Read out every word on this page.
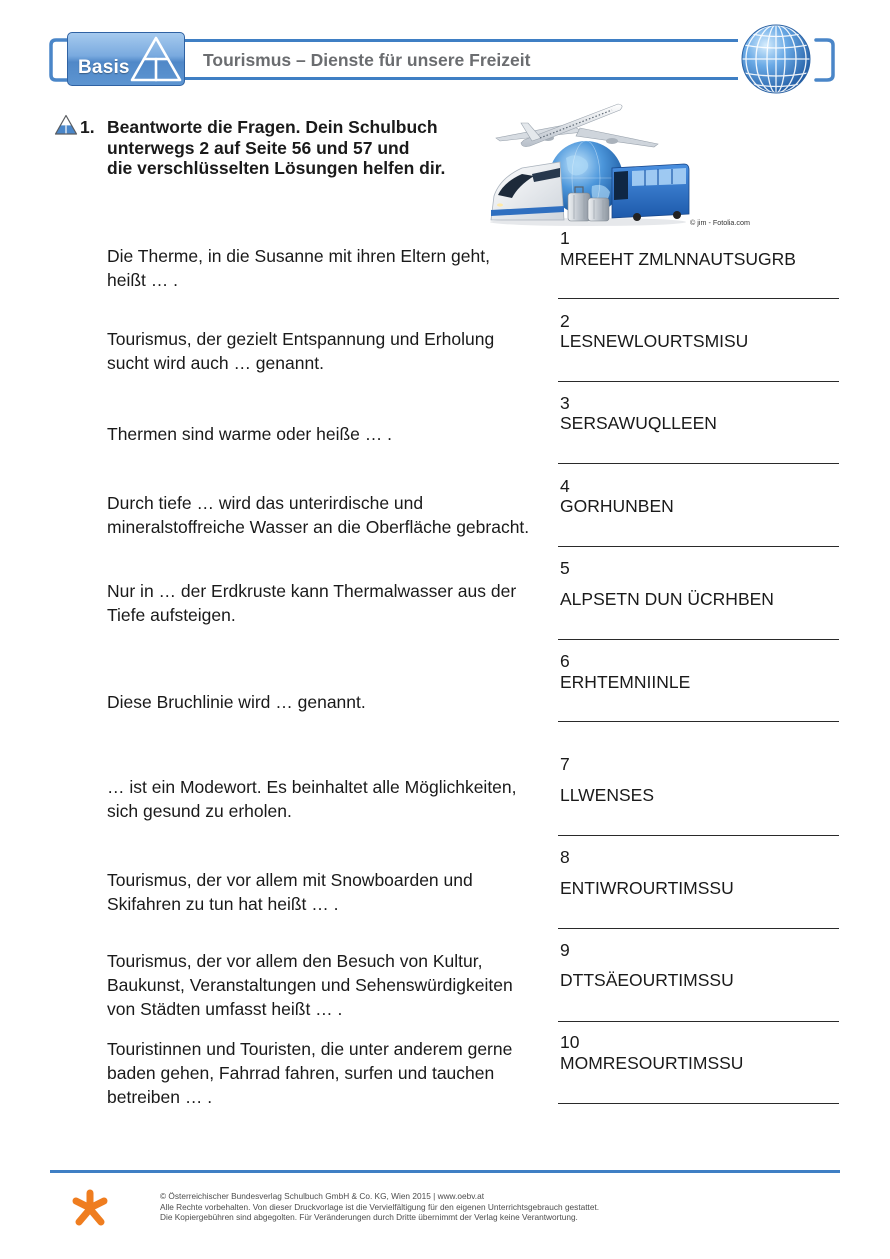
Basis	Tourismus – Dienste für unsere Freizeit
1. Beantworte die Fragen. Dein Schulbuch
unterwegs 2 auf Seite 56 und 57 und
die verschlüsselten Lösungen helfen dir.
© jim - Fotolia.com
Die Therme, in die Susanne mit ihren Eltern geht,
heißt … .
1
MREEHT ZMLNNAUTSUGRB
Tourismus, der gezielt Entspannung und Erholung
sucht wird auch … genannt.
2
LESNEWLOURTSMISU
Thermen sind warme oder heiße … .
3
SERSAWUQLLEEN
Durch tiefe … wird das unterirdische und
mineralstoffreiche Wasser an die Oberfläche gebracht.
4
GORHUNBEN
Nur in … der Erdkruste kann Thermalwasser aus der
Tiefe aufsteigen.
5
ALPSETN DUN ÜCRHBEN
Diese Bruchlinie wird … genannt.
6
ERHTEMNIINLE
… ist ein Modewort. Es beinhaltet alle Möglichkeiten,
sich gesund zu erholen.
7
LLWENSES
Tourismus, der vor allem mit Snowboarden und
Skifahren zu tun hat heißt … .
8
ENTIWROURTIMSSU
Tourismus, der vor allem den Besuch von Kultur,
Baukunst, Veranstaltungen und Sehenswürdigkeiten
von Städten umfasst heißt … .
9
DTTSÄEOURTIMSSU
Touristinnen und Touristen, die unter anderem gerne
baden gehen, Fahrrad fahren, surfen und tauchen
betreiben … .
10
MOMRESOURTIMSSU
© Österreichischer Bundesverlag Schulbuch GmbH & Co. KG, Wien 2015 | www.oebv.at
Alle Rechte vorbehalten. Von dieser Druckvorlage ist die Vervielfältigung für den eigenen Unterrichtsgebrauch gestattet.
Die Kopiergebühren sind abgegolten. Für Veränderungen durch Dritte übernimmt der Verlag keine Verantwortung.
